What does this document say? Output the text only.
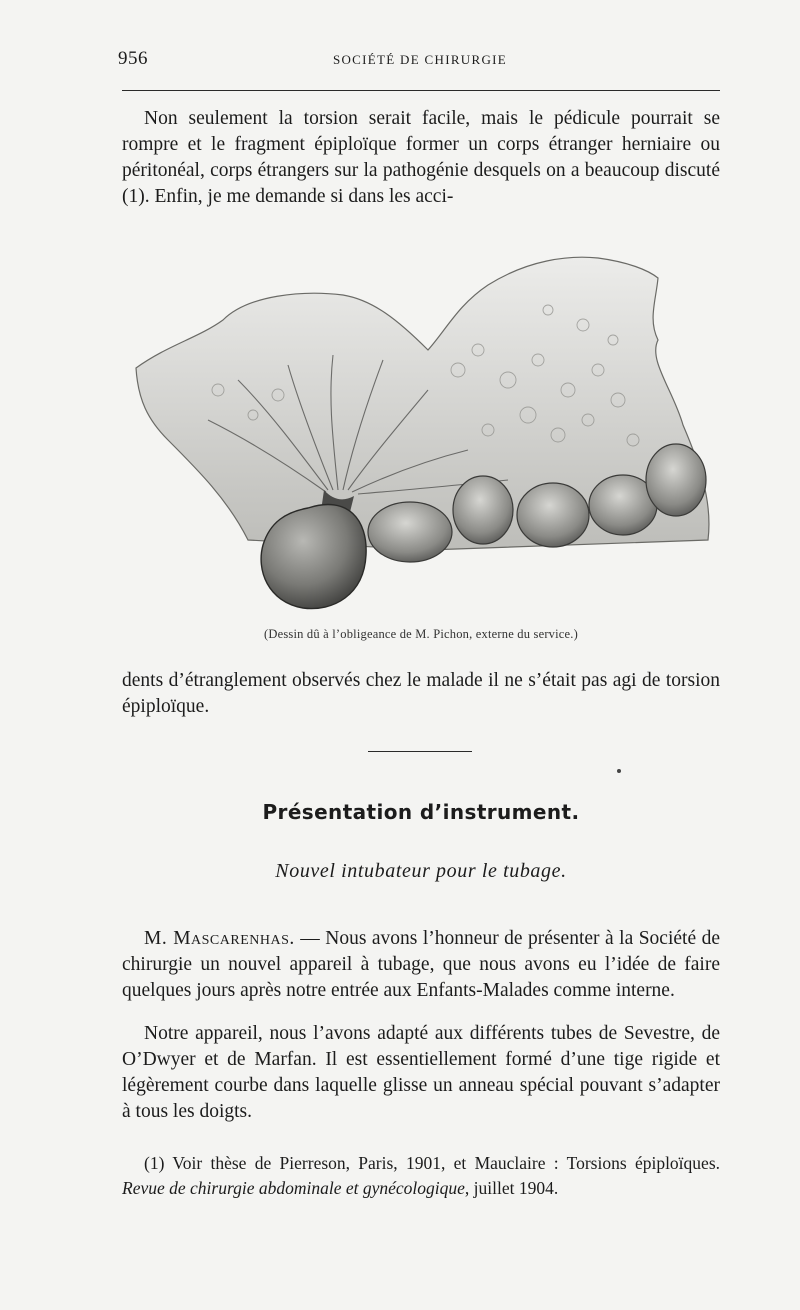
956	SOCIÉTÉ DE CHIRURGIE

Non seulement la torsion serait facile, mais le pédicule pourrait se rompre et le fragment épiploïque former un corps étranger herniaire ou péritonéal, corps étrangers sur la pathogénie desquels on a beaucoup discuté (1). Enfin, je me demande si dans les acci-

(Dessin dû à l’obligeance de M. Pichon, externe du service.)

dents d’étranglement observés chez le malade il ne s’était pas agi de torsion épiploïque.

Présentation d’instrument.
Nouvel intubateur pour le tubage.

M. Mascarenhas. — Nous avons l’honneur de présenter à la Société de chirurgie un nouvel appareil à tubage, que nous avons eu l’idée de faire quelques jours après notre entrée aux Enfants-Malades comme interne.

Notre appareil, nous l’avons adapté aux différents tubes de Sevestre, de O’Dwyer et de Marfan. Il est essentiellement formé d’une tige rigide et légèrement courbe dans laquelle glisse un anneau spécial pouvant s’adapter à tous les doigts.

(1) Voir thèse de Pierreson, Paris, 1901, et Mauclaire : Torsions épiploïques. Revue de chirurgie abdominale et gynécologique, juillet 1904.
